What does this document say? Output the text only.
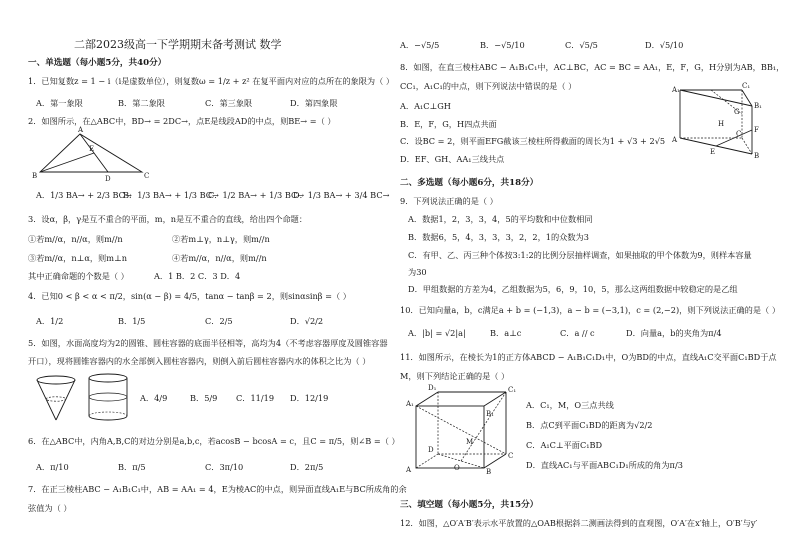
二部2023级高一下学期期末备考测试 数学
一、单选题（每小题5分，共40分）
1．已知复数z = 1 − i（i是虚数单位），则复数ω = 1/z + z² 在复平面内对应的点所在的象限为（ ）
A．第一象限	B．第二象限	C．第三象限	D．第四象限
2．如图所示，在△ABC中，BD→ = 2DC→，点E是线段AD的中点，则BE→ =（ ）
A
E
B	D	C
A．1/3 BA→ + 2/3 BC→
B．1/3 BA→ + 1/3 BC→
C．1/2 BA→ + 1/3 BC→
D．1/3 BA→ + 3/4 BC→
3．设α，β，γ是互不重合的平面，m，n是互不重合的直线，给出四个命题：
①若m//α，n//α，则m//n	②若m⊥γ，n⊥γ，则m//n
③若m//α，n⊥α，则m⊥n	④若m//α，n//α，则m//n
其中正确命题的个数是（ ）	A．1 B．2 C．3 D．4
4．已知0 < β < α < π/2，sin(α − β) = 4/5，tanα − tanβ = 2，则sinαsinβ =（ ）
A．1/2	B．1/5	C．2/5	D．√2/2
5．如图，水面高度均为2的圆锥、圆柱容器的底面半径相等，高均为4（不考虑容器厚度及圆锥容器
开口），现将圆锥容器内的水全部倒入圆柱容器内，则倒入前后圆柱容器内水的体积之比为（ ）
A．4/9	B．5/9 C．11/19 D．12/19
6．在△ABC中，内角A,B,C的对边分别是a,b,c，若acosB − bcosA = c，且C = π/5，则∠B =（ ）
A．π/10	B．π/5	C．3π/10	D．2π/5
7．在正三棱柱ABC − A₁B₁C₁中，AB = AA₁ = 4，E为棱AC的中点，则异面直线A₁E与BC所成角的余
弦值为（ ）
A．−√5/5	B．−√5/10	C．√5/5	D．√5/10
8．如图，在直三棱柱ABC − A₁B₁C₁中，AC⊥BC，AC = BC = AA₁，E，F，G，H分别为AB，BB₁，
CC₁，A₁C₁的中点，则下列说法中错误的是（ ）
A．A₁C⊥GH
B．E，F，G，H四点共面
C．设BC = 2，则平面EFG截该三棱柱所得截面的周长为1 + √3 + 2√5
D．EF、GH、AA₁三线共点
A₁	C₁
H
G
B₁
C F
A
E	B
二、多选题（每小题6分，共18分）
9．下列说法正确的是（ ）
A．数据1，2，3，3，4，5的平均数和中位数相同
B．数据6，5，4，3，3，3，2，2，1的众数为3
C．有甲、乙、丙三种个体按3:1:2的比例分层抽样调查，如果抽取的甲个体数为9，则样本容量
为30
D．甲组数据的方差为4，乙组数据为5，6，9，10，5，那么这两组数据中较稳定的是乙组
10．已知向量a，b，c满足a + b = (−1,3)，a − b = (−3,1)，c = (2,−2)，则下列说法正确的是（ ）
A．|b| = √2|a|	B．a⊥c	C．a // c	D．向量a，b的夹角为π/4
11．如图所示，在棱长为1的正方体ABCD − A₁B₁C₁D₁中，O为BD的中点，直线A₁C交平面C₁BD于点
M，则下列结论正确的是（ ）
D₁	C₁
A₁
B₁
M
D
C
O
A	B
A．C₁，M，O三点共线
B．点C到平面C₁BD的距离为√2/2
C．A₁C⊥平面C₁BD
D．直线AC₁与平面ABC₁D₁所成的角为π/3
三、填空题（每小题5分，共15分）
12．如图，△O′A′B′表示水平放置的△OAB根据斜二测画法得到的直观图，O′A′在x′轴上，O′B′与y′
